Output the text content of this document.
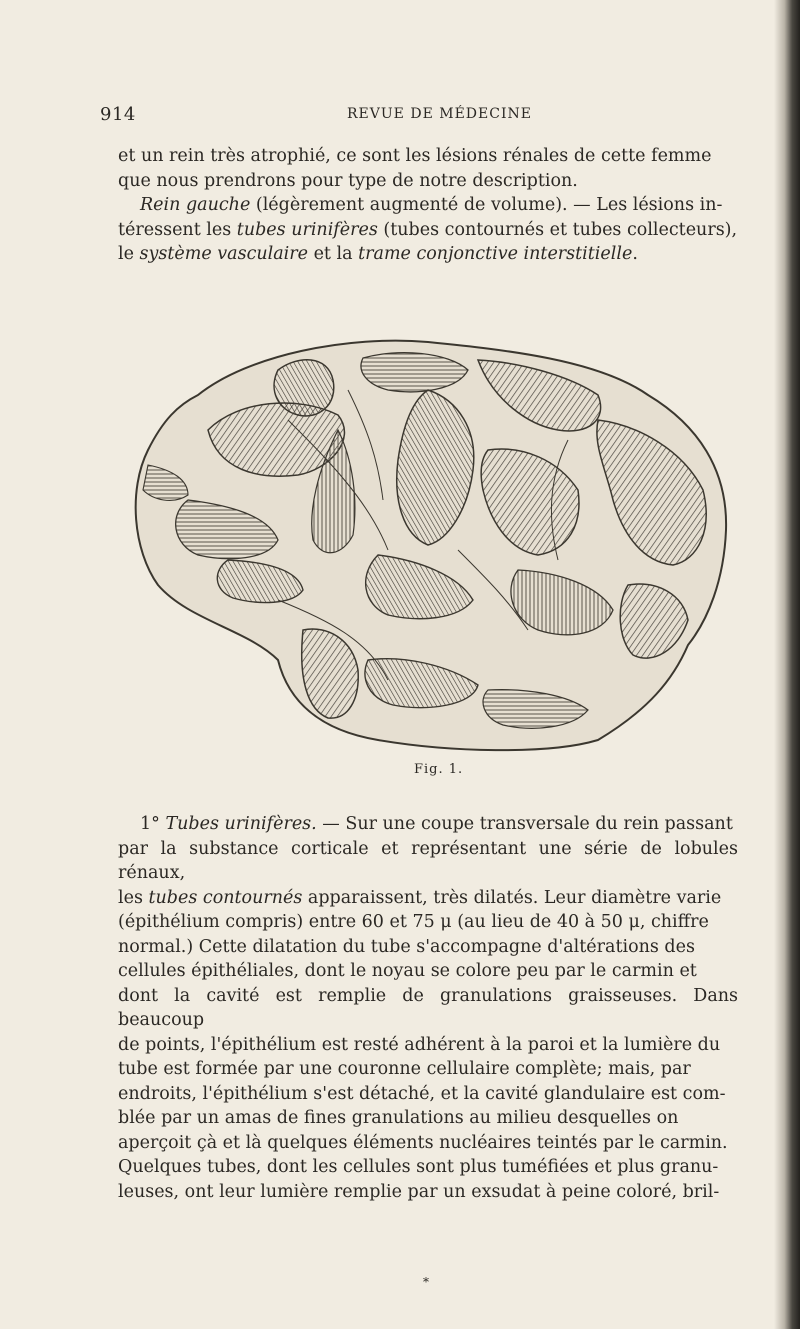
914	REVUE DE MÉDECINE

et un rein très atrophié, ce sont les lésions rénales de cette femme

que nous prendrons pour type de notre description.

Rein gauche (légèrement augmenté de volume). — Les lésions in-

téressent les tubes urinifères (tubes contournés et tubes collecteurs),

le système vasculaire et la trame conjonctive interstitielle.

Fig. 1.

1° Tubes urinifères. — Sur une coupe transversale du rein passant

par la substance corticale et représentant une série de lobules rénaux,

les tubes contournés apparaissent, très dilatés. Leur diamètre varie

(épithélium compris) entre 60 et 75 μ (au lieu de 40 à 50 μ, chiffre

normal.) Cette dilatation du tube s'accompagne d'altérations des

cellules épithéliales, dont le noyau se colore peu par le carmin et

dont la cavité est remplie de granulations graisseuses. Dans beaucoup

de points, l'épithélium est resté adhérent à la paroi et la lumière du

tube est formée par une couronne cellulaire complète; mais, par

endroits, l'épithélium s'est détaché, et la cavité glandulaire est com-

blée par un amas de fines granulations au milieu desquelles on

aperçoit çà et là quelques éléments nucléaires teintés par le carmin.

Quelques tubes, dont les cellules sont plus tuméfiées et plus granu-

leuses, ont leur lumière remplie par un exsudat à peine coloré, bril-

*
